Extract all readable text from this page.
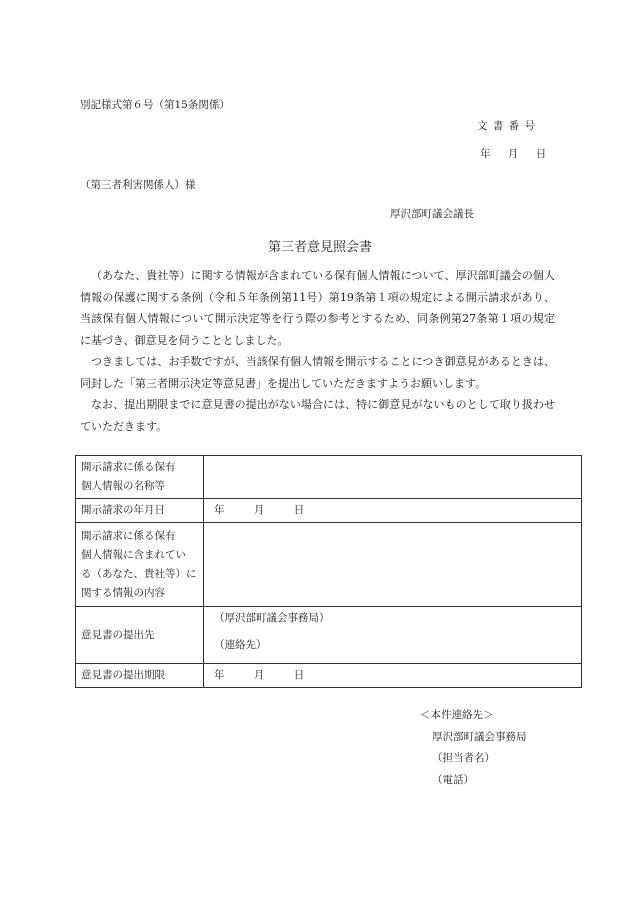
別記様式第６号（第15条関係）
文 書 番 号
年 月 日
（第三者利害関係人）様
厚沢部町議会議長
第三者意見照会書

（あなた、貴社等）に関する情報が含まれている保有個人情報について、厚沢部町議会の個人情報の保護に関する条例（令和５年条例第11号）第19条第１項の規定による開示請求があり、当該保有個人情報について開示決定等を行う際の参考とするため、同条例第27条第１項の規定に基づき、御意見を伺うこととしました。

つきましては、お手数ですが、当該保有個人情報を開示することにつき御意見があるときは、同封した「第三者開示決定等意見書」を提出していただきますようお願いします。

なお、提出期限までに意見書の提出がない場合には、特に御意見がないものとして取り扱わせていただきます。

開示請求に係る保有
個人情報の名称等	

開示請求の年月日	年 月 日

開示請求に係る保有
個人情報に含まれてい
る（あなた、貴社等）に
関する情報の内容	

意見書の提出先	（厚沢部町議会事務局）
（連絡先）

意見書の提出期限	年 月 日
＜本件連絡先＞
厚沢部町議会事務局
（担当者名）
（電話）
